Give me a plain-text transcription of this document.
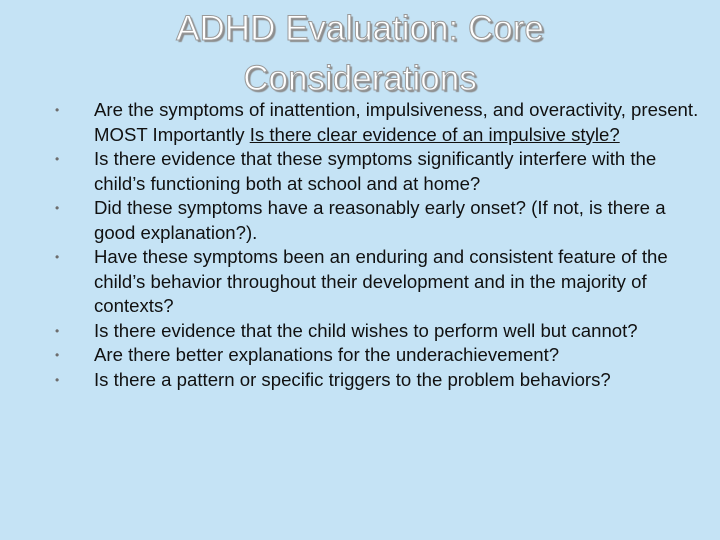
ADHD Evaluation: Core
Considerations
•	Are the symptoms of inattention, impulsiveness, and overactivity, present. MOST Importantly Is there clear evidence of an impulsive style?
•	Is there evidence that these symptoms significantly interfere with the child’s functioning both at school and at home?
•	Did these symptoms have a reasonably early onset? (If not, is there a good explanation?).
•	Have these symptoms been an enduring and consistent feature of the child’s behavior throughout their development and in the majority of contexts?
•	Is there evidence that the child wishes to perform well but cannot?
•	Are there better explanations for the underachievement?
•	Is there a pattern or specific triggers to the problem behaviors?
